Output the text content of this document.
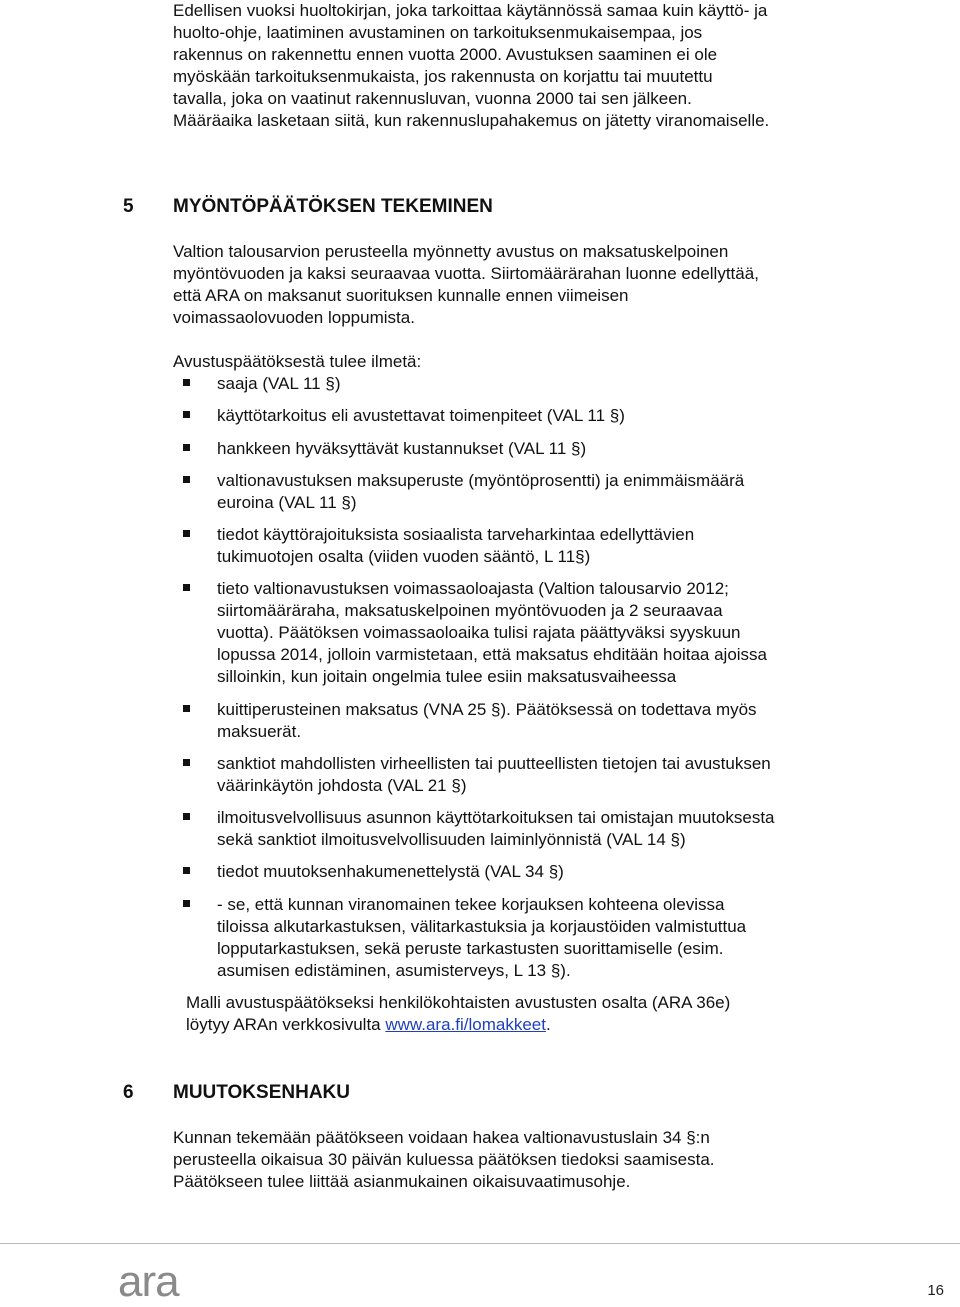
Edellisen vuoksi huoltokirjan, joka tarkoittaa käytännössä samaa kuin käyttö- ja
huolto-ohje, laatiminen avustaminen on tarkoituksenmukaisempaa, jos
rakennus on rakennettu ennen vuotta 2000. Avustuksen saaminen ei ole
myöskään tarkoituksenmukaista, jos rakennusta on korjattu tai muutettu
tavalla, joka on vaatinut rakennusluvan, vuonna 2000 tai sen jälkeen.
Määräaika lasketaan siitä, kun rakennuslupahakemus on jätetty viranomaiselle.
5 MYÖNTÖPÄÄTÖKSEN TEKEMINEN
Valtion talousarvion perusteella myönnetty avustus on maksatuskelpoinen
myöntövuoden ja kaksi seuraavaa vuotta. Siirtomäärärahan luonne edellyttää,
että ARA on maksanut suorituksen kunnalle ennen viimeisen
voimassaolovuoden loppumista.
Avustuspäätöksestä tulee ilmetä:
saaja (VAL 11 §)
käyttötarkoitus eli avustettavat toimenpiteet (VAL 11 §)
hankkeen hyväksyttävät kustannukset (VAL 11 §)
valtionavustuksen maksuperuste (myöntöprosentti) ja enimmäismäärä
euroina (VAL 11 §)
tiedot käyttörajoituksista sosiaalista tarveharkintaa edellyttävien
tukimuotojen osalta (viiden vuoden sääntö, L 11§)
tieto valtionavustuksen voimassaoloajasta (Valtion talousarvio 2012;
siirtomääräraha, maksatuskelpoinen myöntövuoden ja 2 seuraavaa
vuotta). Päätöksen voimassaoloaika tulisi rajata päättyväksi syyskuun
lopussa 2014, jolloin varmistetaan, että maksatus ehditään hoitaa ajoissa
silloinkin, kun joitain ongelmia tulee esiin maksatusvaiheessa
kuittiperusteinen maksatus (VNA 25 §). Päätöksessä on todettava myös
maksuerät.
sanktiot mahdollisten virheellisten tai puutteellisten tietojen tai avustuksen
väärinkäytön johdosta (VAL 21 §)
ilmoitusvelvollisuus asunnon käyttötarkoituksen tai omistajan muutoksesta
sekä sanktiot ilmoitusvelvollisuuden laiminlyönnistä (VAL 14 §)
tiedot muutoksenhakumenettelystä (VAL 34 §)
- se, että kunnan viranomainen tekee korjauksen kohteena olevissa
tiloissa alkutarkastuksen, välitarkastuksia ja korjaustöiden valmistuttua
lopputarkastuksen, sekä peruste tarkastusten suorittamiselle (esim.
asumisen edistäminen, asumisterveys, L 13 §).
Malli avustuspäätökseksi henkilökohtaisten avustusten osalta (ARA 36e)
löytyy ARAn verkkosivulta www.ara.fi/lomakkeet.
6 MUUTOKSENHAKU
Kunnan tekemään päätökseen voidaan hakea valtionavustuslain 34 §:n
perusteella oikaisua 30 päivän kuluessa päätöksen tiedoksi saamisesta.
Päätökseen tulee liittää asianmukainen oikaisuvaatimusohje.
ara	16
